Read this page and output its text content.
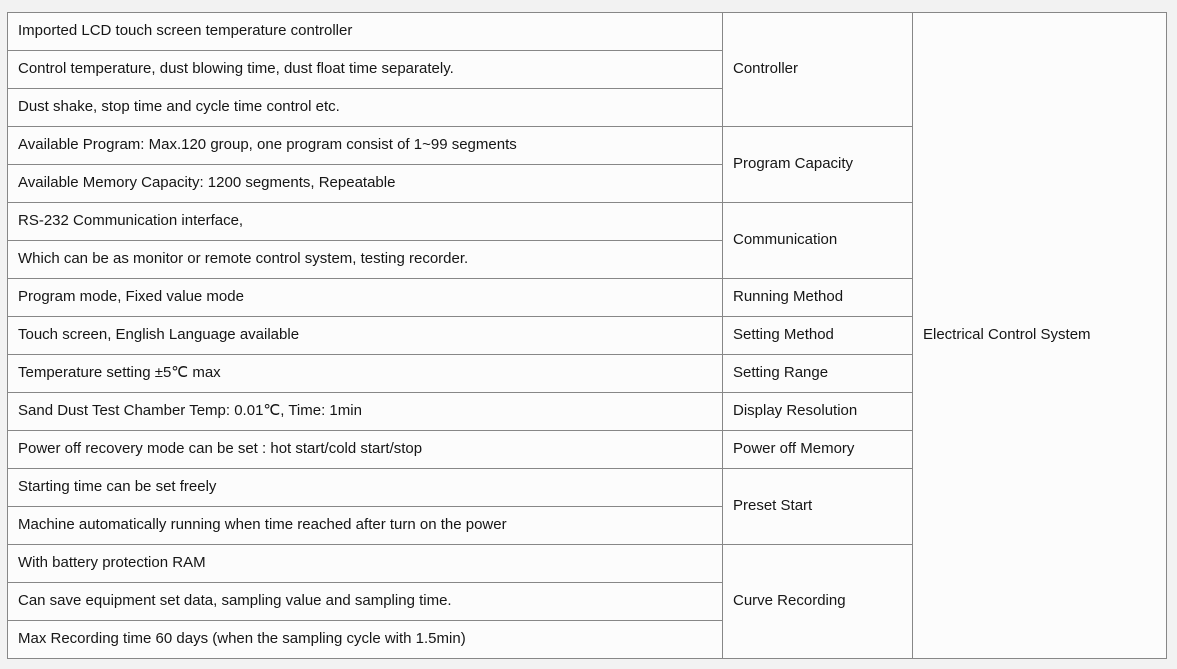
Imported LCD touch screen temperature controller	Controller	Electrical Control System
Control temperature, dust blowing time, dust float time separately.		
Dust shake, stop time and cycle time control etc.		
Available Program: Max.120 group, one program consist of 1~99 segments	Program Capacity	
Available Memory Capacity: 1200 segments, Repeatable		
RS-232 Communication interface,	Communication	
Which can be as monitor or remote control system, testing recorder.		
Program mode, Fixed value mode	Running Method	
Touch screen, English Language available	Setting Method	
Temperature setting ±5℃ max	Setting Range	
Sand Dust Test Chamber Temp: 0.01℃, Time: 1min	Display Resolution	
Power off recovery mode can be set : hot start/cold start/stop	Power off Memory	
Starting time can be set freely	Preset Start	
Machine automatically running when time reached after turn on the power		
With battery protection RAM	Curve Recording	
Can save equipment set data, sampling value and sampling time.		
Max Recording time 60 days (when the sampling cycle with 1.5min)		
